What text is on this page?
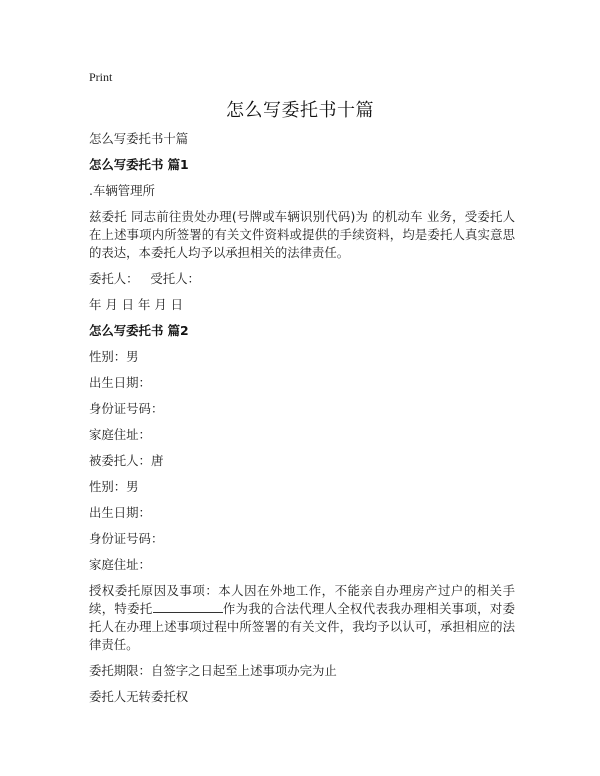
Print
怎么写委托书十篇

怎么写委托书十篇

怎么写委托书 篇1

.车辆管理所

兹委托 同志前往贵处办理(号牌或车辆识别代码)为 的机动车 业务，受委托人在上述事项内所签署的有关文件资料或提供的手续资料，均是委托人真实意思的表达，本委托人均予以承担相关的法律责任。

委托人：   受托人：

年 月 日 年 月 日

怎么写委托书 篇2

性别：男

出生日期：

身份证号码：

家庭住址：

被委托人：唐

性别：男

出生日期：

身份证号码：

家庭住址：

授权委托原因及事项：本人因在外地工作，不能亲自办理房产过户的相关手续，特委托	作为我的合法代理人全权代表我办理相关事项，对委托人在办理上述事项过程中所签署的有关文件，我均予以认可，承担相应的法律责任。

委托期限：自签字之日起至上述事项办完为止

委托人无转委托权
